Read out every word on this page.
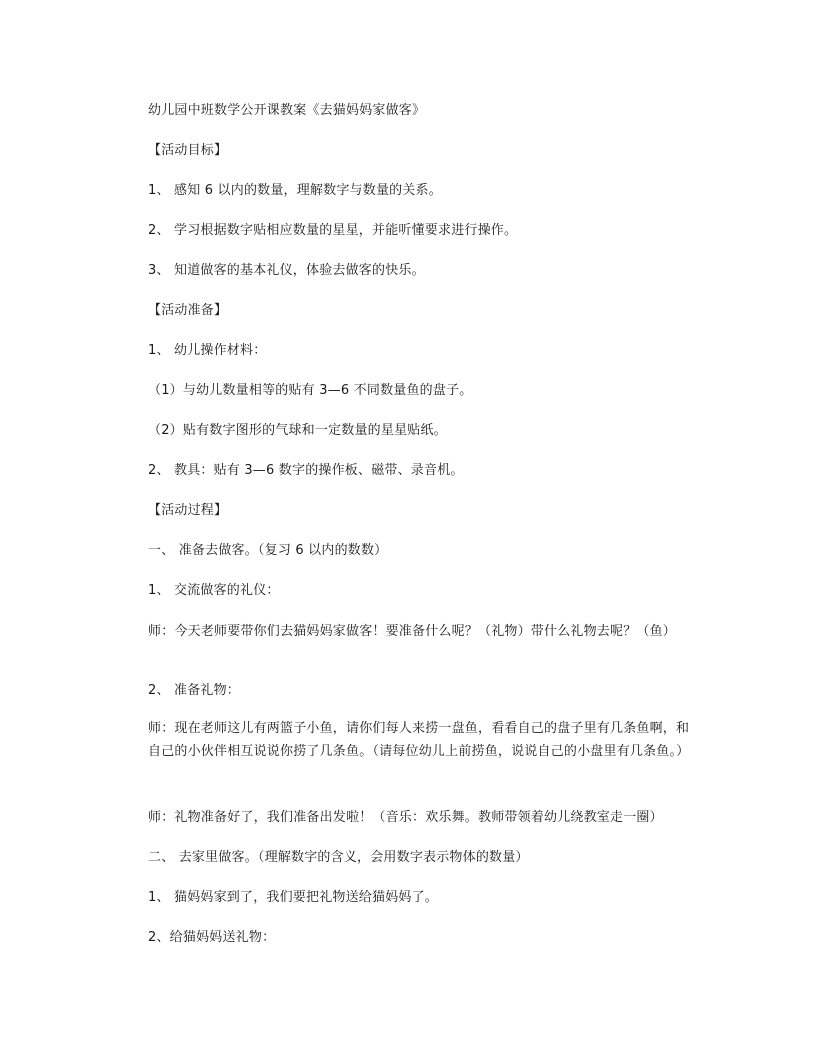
幼儿园中班数学公开课教案《去猫妈妈家做客》
【活动目标】
1、 感知 6 以内的数量，理解数字与数量的关系。
2、 学习根据数字贴相应数量的星星，并能听懂要求进行操作。
3、 知道做客的基本礼仪，体验去做客的快乐。
【活动准备】
1、 幼儿操作材料：
（1）与幼儿数量相等的贴有 3—6 不同数量鱼的盘子。
（2）贴有数字图形的气球和一定数量的星星贴纸。
2、 教具：贴有 3—6 数字的操作板、磁带、录音机。
【活动过程】
一、 准备去做客。（复习 6 以内的数数）
1、 交流做客的礼仪：
师：今天老师要带你们去猫妈妈家做客！要准备什么呢？（礼物）带什么礼物去呢？（鱼）
2、 准备礼物：
师：现在老师这儿有两篮子小鱼，请你们每人来捞一盘鱼，看看自己的盘子里有几条鱼啊，和自己的小伙伴相互说说你捞了几条鱼。（请每位幼儿上前捞鱼，说说自己的小盘里有几条鱼。）
师：礼物准备好了，我们准备出发啦！（音乐：欢乐舞。教师带领着幼儿绕教室走一圈）
二、 去家里做客。（理解数字的含义，会用数字表示物体的数量）
1、 猫妈妈家到了，我们要把礼物送给猫妈妈了。
2、给猫妈妈送礼物：
